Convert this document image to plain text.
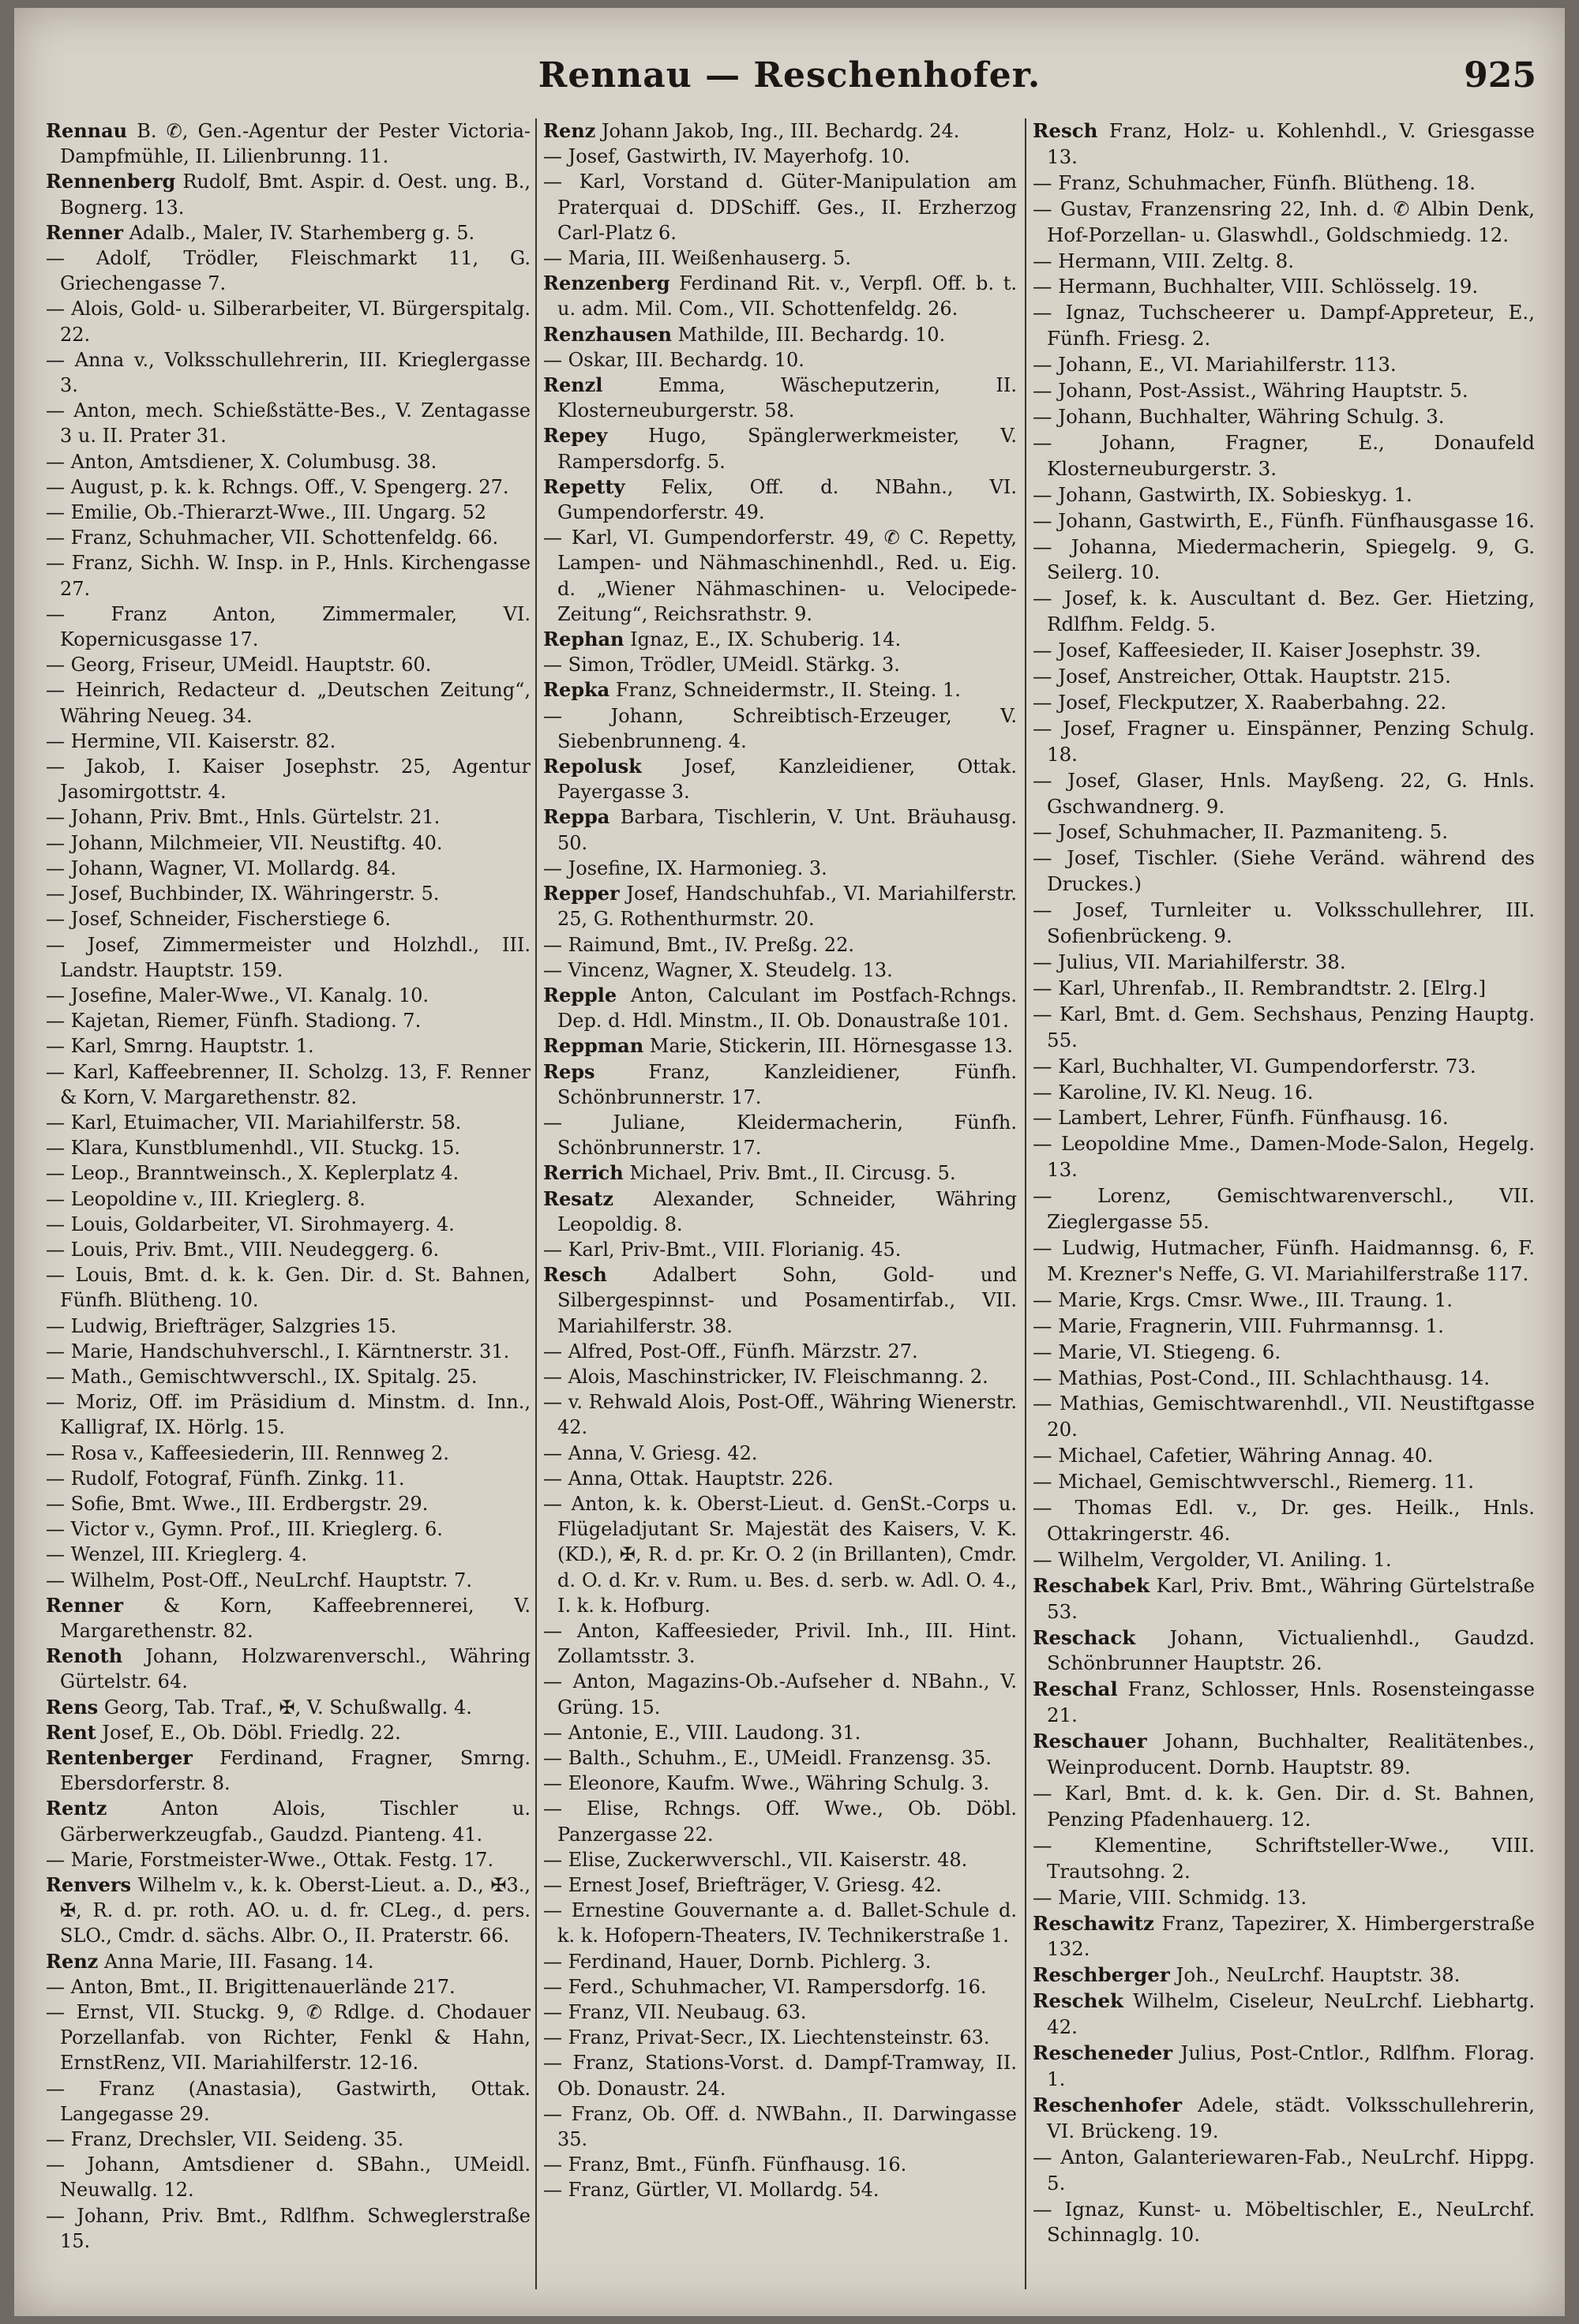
Rennau — Reschenhofer.	925

Rennau B. ✆, Gen.-Agentur der Pester Victoria-Dampfmühle, II. Lilienbrunng. 11.

Rennenberg Rudolf, Bmt. Aspir. d. Oest. ung. B., Bognerg. 13.

Renner Adalb., Maler, IV. Starhemberg g. 5.

— Adolf, Trödler, Fleischmarkt 11, G. Griechengasse 7.

— Alois, Gold- u. Silberarbeiter, VI. Bürgerspitalg. 22.

— Anna v., Volksschullehrerin, III. Krieglergasse 3.

— Anton, mech. Schießstätte-Bes., V. Zentagasse 3 u. II. Prater 31.

— Anton, Amtsdiener, X. Columbusg. 38.

— August, p. k. k. Rchngs. Off., V. Spengerg. 27.

— Emilie, Ob.-Thierarzt-Wwe., III. Ungarg. 52

— Franz, Schuhmacher, VII. Schottenfeldg. 66.

— Franz, Sichh. W. Insp. in P., Hnls. Kirchengasse 27.

— Franz Anton, Zimmermaler, VI. Kopernicusgasse 17.

— Georg, Friseur, UMeidl. Hauptstr. 60.

— Heinrich, Redacteur d. „Deutschen Zeitung“, Währing Neueg. 34.

— Hermine, VII. Kaiserstr. 82.

— Jakob, I. Kaiser Josephstr. 25, Agentur Jasomirgottstr. 4.

— Johann, Priv. Bmt., Hnls. Gürtelstr. 21.

— Johann, Milchmeier, VII. Neustiftg. 40.

— Johann, Wagner, VI. Mollardg. 84.

— Josef, Buchbinder, IX. Währingerstr. 5.

— Josef, Schneider, Fischerstiege 6.

— Josef, Zimmermeister und Holzhdl., III. Landstr. Hauptstr. 159.

— Josefine, Maler-Wwe., VI. Kanalg. 10.

— Kajetan, Riemer, Fünfh. Stadiong. 7.

— Karl, Smrng. Hauptstr. 1.

— Karl, Kaffeebrenner, II. Scholzg. 13, F. Renner & Korn, V. Margarethenstr. 82.

— Karl, Etuimacher, VII. Mariahilferstr. 58.

— Klara, Kunstblumenhdl., VII. Stuckg. 15.

— Leop., Branntweinsch., X. Keplerplatz 4.

— Leopoldine v., III. Krieglerg. 8.

— Louis, Goldarbeiter, VI. Sirohmayerg. 4.

— Louis, Priv. Bmt., VIII. Neudeggerg. 6.

— Louis, Bmt. d. k. k. Gen. Dir. d. St. Bahnen, Fünfh. Blütheng. 10.

— Ludwig, Briefträger, Salzgries 15.

— Marie, Handschuhverschl., I. Kärntnerstr. 31.

— Math., Gemischtwverschl., IX. Spitalg. 25.

— Moriz, Off. im Präsidium d. Minstm. d. Inn., Kalligraf, IX. Hörlg. 15.

— Rosa v., Kaffeesiederin, III. Rennweg 2.

— Rudolf, Fotograf, Fünfh. Zinkg. 11.

— Sofie, Bmt. Wwe., III. Erdbergstr. 29.

— Victor v., Gymn. Prof., III. Krieglerg. 6.

— Wenzel, III. Krieglerg. 4.

— Wilhelm, Post-Off., NeuLrchf. Hauptstr. 7.

Renner & Korn, Kaffeebrennerei, V. Margarethenstr. 82.

Renoth Johann, Holzwarenverschl., Währing Gürtelstr. 64.

Rens Georg, Tab. Traf., ✠, V. Schußwallg. 4.

Rent Josef, E., Ob. Döbl. Friedlg. 22.

Rentenberger Ferdinand, Fragner, Smrng. Ebersdorferstr. 8.

Rentz	Anton Alois, Tischler u. Gärberwerkzeugfab., Gaudzd. Pianteng. 41.

— Marie, Forstmeister-Wwe., Ottak. Festg. 17.

Renvers Wilhelm v., k. k. Oberst-Lieut. a. D., ✠3., ✠, R. d. pr. roth. AO. u. d. fr. CLeg., d. pers. SLO., Cmdr. d. sächs. Albr. O., II. Praterstr. 66.

Renz Anna Marie, III. Fasang. 14.

— Anton, Bmt., II. Brigittenauerlände 217.

— Ernst, VII. Stuckg. 9, ✆ Rdlge. d. Chodauer Porzellanfab. von Richter, Fenkl & Hahn, ErnstRenz, VII. Mariahilferstr. 12-16.

— Franz (Anastasia), Gastwirth, Ottak. Langegasse 29.

— Franz, Drechsler, VII. Seideng. 35.

— Johann, Amtsdiener d. SBahn., UMeidl. Neuwallg. 12.

— Johann, Priv. Bmt., Rdlfhm. Schweglerstraße 15.

Renz Johann Jakob, Ing., III. Bechardg. 24.

— Josef, Gastwirth, IV. Mayerhofg. 10.

— Karl, Vorstand d. Güter-Manipulation am Praterquai d. DDSchiff. Ges., II. Erzherzog Carl-Platz 6.

— Maria, III. Weißenhauserg. 5.

Renzenberg Ferdinand Rit. v., Verpfl. Off. b. t. u. adm. Mil. Com., VII. Schottenfeldg. 26.

Renzhausen Mathilde, III. Bechardg. 10.

— Oskar, III. Bechardg. 10.

Renzl	Emma, Wäscheputzerin, II. Klosterneuburgerstr. 58.

Repey Hugo, Spänglerwerkmeister, V. Rampersdorfg. 5.

Repetty Felix, Off. d. NBahn., VI. Gumpendorferstr. 49.

— Karl, VI. Gumpendorferstr. 49, ✆ C. Repetty, Lampen- und Nähmaschinenhdl., Red. u. Eig. d. „Wiener Nähmaschinen- u. Velocipede-Zeitung“, Reichsrathstr. 9.

Rephan Ignaz, E., IX. Schuberig. 14.

— Simon, Trödler, UMeidl. Stärkg. 3.

Repka Franz, Schneidermstr., II. Steing. 1.

— Johann, Schreibtisch-Erzeuger, V. Siebenbrunneng. 4.

Repolusk Josef, Kanzleidiener, Ottak. Payergasse 3.

Reppa Barbara, Tischlerin, V. Unt. Bräuhausg. 50.

— Josefine, IX. Harmonieg. 3.

Repper Josef, Handschuhfab., VI. Mariahilferstr. 25, G. Rothenthurmstr. 20.

— Raimund, Bmt., IV. Preßg. 22.

— Vincenz, Wagner, X. Steudelg. 13.

Repple Anton, Calculant im Postfach-Rchngs. Dep. d. Hdl. Minstm., II. Ob. Donaustraße 101.

Reppman Marie, Stickerin, III. Hörnesgasse 13.

Reps	Franz, Kanzleidiener, Fünfh. Schönbrunnerstr. 17.

— Juliane, Kleidermacherin, Fünfh. Schönbrunnerstr. 17.

Rerrich Michael, Priv. Bmt., II. Circusg. 5.

Resatz Alexander, Schneider, Währing Leopoldig. 8.

— Karl, Priv-Bmt., VIII. Florianig. 45.

Resch Adalbert Sohn, Gold- und Silbergespinnst- und Posamentirfab., VII. Mariahilferstr. 38.

— Alfred, Post-Off., Fünfh. Märzstr. 27.

— Alois, Maschinstricker, IV. Fleischmanng. 2.

— v. Rehwald Alois, Post-Off., Währing Wienerstr. 42.

— Anna, V. Griesg. 42.

— Anna, Ottak. Hauptstr. 226.

— Anton, k. k. Oberst-Lieut. d. GenSt.-Corps u. Flügeladjutant Sr. Majestät des Kaisers, V. K. (KD.), ✠, R. d. pr. Kr. O. 2 (in Brillanten), Cmdr. d. O. d. Kr. v. Rum. u. Bes. d. serb. w. Adl. O. 4., I. k. k. Hofburg.

— Anton, Kaffeesieder, Privil. Inh., III. Hint. Zollamtsstr. 3.

— Anton, Magazins-Ob.-Aufseher d. NBahn., V. Grüng. 15.

— Antonie, E., VIII. Laudong. 31.

— Balth., Schuhm., E., UMeidl. Franzensg. 35.

— Eleonore, Kaufm. Wwe., Währing Schulg. 3.

— Elise, Rchngs. Off. Wwe., Ob. Döbl. Panzergasse 22.

— Elise, Zuckerwverschl., VII. Kaiserstr. 48.

— Ernest Josef, Briefträger, V. Griesg. 42.

— Ernestine Gouvernante a. d. Ballet-Schule d. k. k. Hofopern-Theaters, IV. Technikerstraße 1.

— Ferdinand, Hauer, Dornb. Pichlerg. 3.

— Ferd., Schuhmacher, VI. Rampersdorfg. 16.

— Franz, VII. Neubaug. 63.

— Franz, Privat-Secr., IX. Liechtensteinstr. 63.

— Franz, Stations-Vorst. d. Dampf-Tramway, II. Ob. Donaustr. 24.

— Franz, Ob. Off. d. NWBahn., II. Darwingasse 35.

— Franz, Bmt., Fünfh. Fünfhausg. 16.

— Franz, Gürtler, VI. Mollardg. 54.

Resch Franz, Holz- u. Kohlenhdl., V. Griesgasse 13.

— Franz, Schuhmacher, Fünfh. Blütheng. 18.

— Gustav, Franzensring 22, Inh. d. ✆ Albin Denk, Hof-Porzellan- u. Glaswhdl., Goldschmiedg. 12.

— Hermann, VIII. Zeltg. 8.

— Hermann, Buchhalter, VIII. Schlösselg. 19.

— Ignaz, Tuchscheerer u. Dampf-Appreteur, E., Fünfh. Friesg. 2.

— Johann, E., VI. Mariahilferstr. 113.

— Johann, Post-Assist., Währing Hauptstr. 5.

— Johann, Buchhalter, Währing Schulg. 3.

— Johann, Fragner, E., Donaufeld Klosterneuburgerstr. 3.

— Johann, Gastwirth, IX. Sobieskyg. 1.

— Johann, Gastwirth, E., Fünfh. Fünfhausgasse 16.

— Johanna, Miedermacherin, Spiegelg. 9, G. Seilerg. 10.

— Josef, k. k. Auscultant d. Bez. Ger. Hietzing, Rdlfhm. Feldg. 5.

— Josef, Kaffeesieder, II. Kaiser Josephstr. 39.

— Josef, Anstreicher, Ottak. Hauptstr. 215.

— Josef, Fleckputzer, X. Raaberbahng. 22.

— Josef, Fragner u. Einspänner, Penzing Schulg. 18.

— Josef, Glaser, Hnls. Mayßeng. 22, G. Hnls. Gschwandnerg. 9.

— Josef, Schuhmacher, II. Pazmaniteng. 5.

— Josef, Tischler. (Siehe Veränd. während des Druckes.)

— Josef, Turnleiter u. Volksschullehrer, III. Sofienbrückeng. 9.

— Julius, VII. Mariahilferstr. 38.

— Karl, Uhrenfab., II. Rembrandtstr. 2. [Elrg.]

— Karl, Bmt. d. Gem. Sechshaus, Penzing Hauptg. 55.

— Karl, Buchhalter, VI. Gumpendorferstr. 73.

— Karoline, IV. Kl. Neug. 16.

— Lambert, Lehrer, Fünfh. Fünfhausg. 16.

— Leopoldine Mme., Damen-Mode-Salon, Hegelg. 13.

— Lorenz, Gemischtwarenverschl., VII. Zieglergasse 55.

— Ludwig, Hutmacher, Fünfh. Haidmannsg. 6, F. M. Krezner's Neffe, G. VI. Mariahilferstraße 117.

— Marie, Krgs. Cmsr. Wwe., III. Traung. 1.

— Marie, Fragnerin, VIII. Fuhrmannsg. 1.

— Marie, VI. Stiegeng. 6.

— Mathias, Post-Cond., III. Schlachthausg. 14.

— Mathias, Gemischtwarenhdl., VII. Neustiftgasse 20.

— Michael, Cafetier, Währing Annag. 40.

— Michael, Gemischtwverschl., Riemerg. 11.

— Thomas Edl. v., Dr. ges. Heilk., Hnls. Ottakringerstr. 46.

— Wilhelm, Vergolder, VI. Aniling. 1.

Reschabek Karl, Priv. Bmt., Währing Gürtelstraße 53.

Reschack Johann, Victualienhdl., Gaudzd. Schönbrunner Hauptstr. 26.

Reschal Franz, Schlosser, Hnls. Rosensteingasse 21.

Reschauer Johann, Buchhalter, Realitätenbes., Weinproducent. Dornb. Hauptstr. 89.

— Karl, Bmt. d. k. k. Gen. Dir. d. St. Bahnen, Penzing Pfadenhauerg. 12.

— Klementine, Schriftsteller-Wwe., VIII. Trautsohng. 2.

— Marie, VIII. Schmidg. 13.

Reschawitz Franz, Tapezirer, X. Himbergerstraße 132.

Reschberger Joh., NeuLrchf. Hauptstr. 38.

Reschek Wilhelm, Ciseleur, NeuLrchf. Liebhartg. 42.

Rescheneder Julius, Post-Cntlor., Rdlfhm. Florag. 1.

Reschenhofer Adele, städt. Volksschullehrerin, VI. Brückeng. 19.

— Anton, Galanteriewaren-Fab., NeuLrchf. Hippg. 5.

— Ignaz, Kunst- u. Möbeltischler, E., NeuLrchf. Schinnaglg. 10.
